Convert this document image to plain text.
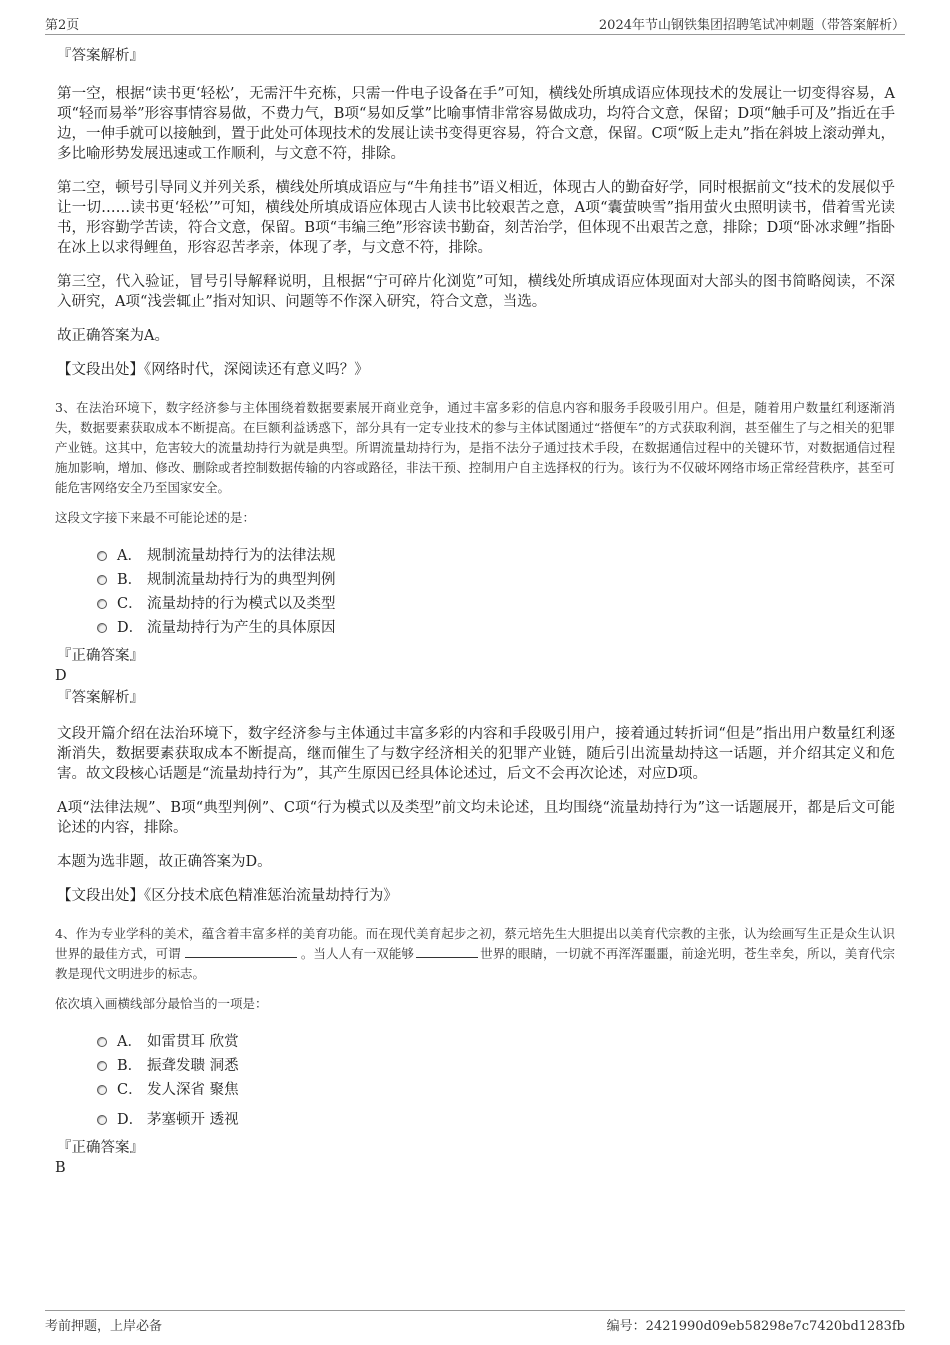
第2页	2024年节山钢铁集团招聘笔试冲刺题（带答案解析）
『答案解析』

第一空，根据“读书更‘轻松’，无需汗牛充栋，只需一件电子设备在手”可知，横线处所填成语应体现技术的发展让一切变得容易，A项“轻而易举”形容事情容易做，不费力气，B项“易如反掌”比喻事情非常容易做成功，均符合文意，保留；D项“触手可及”指近在手边，一伸手就可以接触到，置于此处可体现技术的发展让读书变得更容易，符合文意，保留。C项“阪上走丸”指在斜坡上滚动弹丸，多比喻形势发展迅速或工作顺利，与文意不符，排除。

第二空，顿号引导同义并列关系，横线处所填成语应与“牛角挂书”语义相近，体现古人的勤奋好学，同时根据前文“技术的发展似乎让一切……读书更‘轻松’”可知，横线处所填成语应体现古人读书比较艰苦之意，A项“囊萤映雪”指用萤火虫照明读书，借着雪光读书，形容勤学苦读，符合文意，保留。B项“韦编三绝”形容读书勤奋，刻苦治学，但体现不出艰苦之意，排除；D项“卧冰求鲤”指卧在冰上以求得鲤鱼，形容忍苦孝亲，体现了孝，与文意不符，排除。

第三空，代入验证，冒号引导解释说明，且根据“宁可碎片化浏览”可知，横线处所填成语应体现面对大部头的图书简略阅读，不深入研究，A项“浅尝辄止”指对知识、问题等不作深入研究，符合文意，当选。

故正确答案为A。

【文段出处】《网络时代，深阅读还有意义吗？》

3、在法治环境下，数字经济参与主体围绕着数据要素展开商业竞争，通过丰富多彩的信息内容和服务手段吸引用户。但是，随着用户数量红利逐渐消失，数据要素获取成本不断提高。在巨额利益诱惑下，部分具有一定专业技术的参与主体试图通过“搭便车”的方式获取利润，甚至催生了与之相关的犯罪产业链。这其中，危害较大的流量劫持行为就是典型。所谓流量劫持行为，是指不法分子通过技术手段，在数据通信过程中的关键环节，对数据通信过程施加影响，增加、修改、删除或者控制数据传输的内容或路径，非法干预、控制用户自主选择权的行为。该行为不仅破坏网络市场正常经营秩序，甚至可能危害网络安全乃至国家安全。

这段文字接下来最不可能论述的是：

A． 规制流量劫持行为的法律法规
B． 规制流量劫持行为的典型判例
C． 流量劫持的行为模式以及类型
D． 流量劫持行为产生的具体原因
『正确答案』
D
『答案解析』

文段开篇介绍在法治环境下，数字经济参与主体通过丰富多彩的内容和手段吸引用户，接着通过转折词“但是”指出用户数量红利逐渐消失，数据要素获取成本不断提高，继而催生了与数字经济相关的犯罪产业链，随后引出流量劫持这一话题，并介绍其定义和危害。故文段核心话题是“流量劫持行为”，其产生原因已经具体论述过，后文不会再次论述，对应D项。

A项“法律法规”、B项“典型判例”、C项“行为模式以及类型”前文均未论述，且均围绕“流量劫持行为”这一话题展开，都是后文可能论述的内容，排除。

本题为选非题，故正确答案为D。

【文段出处】《区分技术底色精准惩治流量劫持行为》

4、作为专业学科的美术，蕴含着丰富多样的美育功能。而在现代美育起步之初，蔡元培先生大胆提出以美育代宗教的主张，认为绘画写生正是众生认识世界的最佳方式，可谓	。当人人有一双能够	世界的眼睛，一切就不再浑浑噩噩，前途光明，苍生幸矣，所以，美育代宗教是现代文明进步的标志。

依次填入画横线部分最恰当的一项是：

A． 如雷贯耳 欣赏
B． 振聋发聩 洞悉
C． 发人深省 聚焦
D． 茅塞顿开 透视
『正确答案』
B
考前押题，上岸必备	编号：2421990d09eb58298e7c7420bd1283fb
